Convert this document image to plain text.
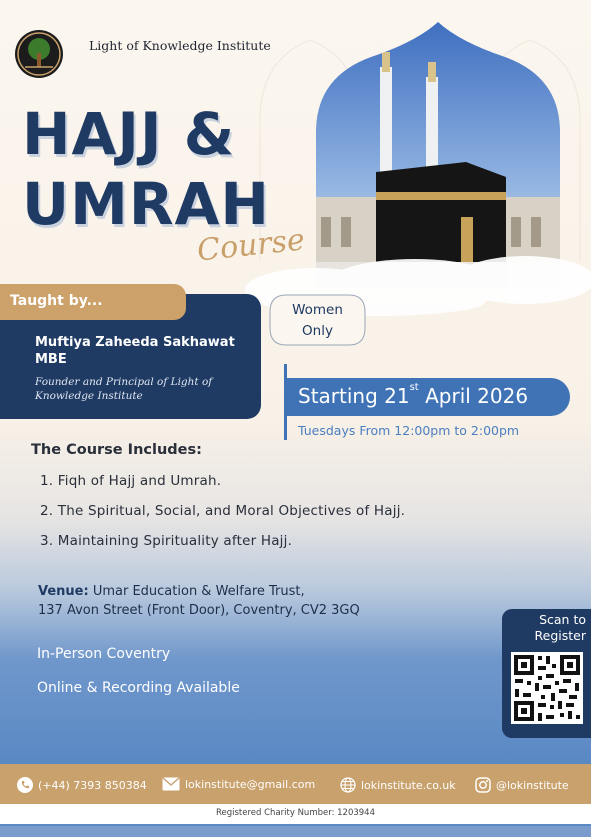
Light of Knowledge Institute
HAJJ &
UMRAH
Course
Taught by...
Muftiya Zaheeda Sakhawat
MBE
Founder and Principal of Light of
Knowledge Institute
Women
Only
Starting 21st April 2026
Tuesdays From 12:00pm to 2:00pm
The Course Includes:
1. Fiqh of Hajj and Umrah.
2. The Spiritual, Social, and Moral Objectives of Hajj.
3. Maintaining Spirituality after Hajj.
Venue: Umar Education & Welfare Trust,
137 Avon Street (Front Door), Coventry, CV2 3GQ
In-Person Coventry
Online & Recording Available
Scan to
Register
(+44) 7393 850384	lokinstitute@gmail.com	lokinstitute.co.uk	@lokinstitute
Registered Charity Number: 1203944
